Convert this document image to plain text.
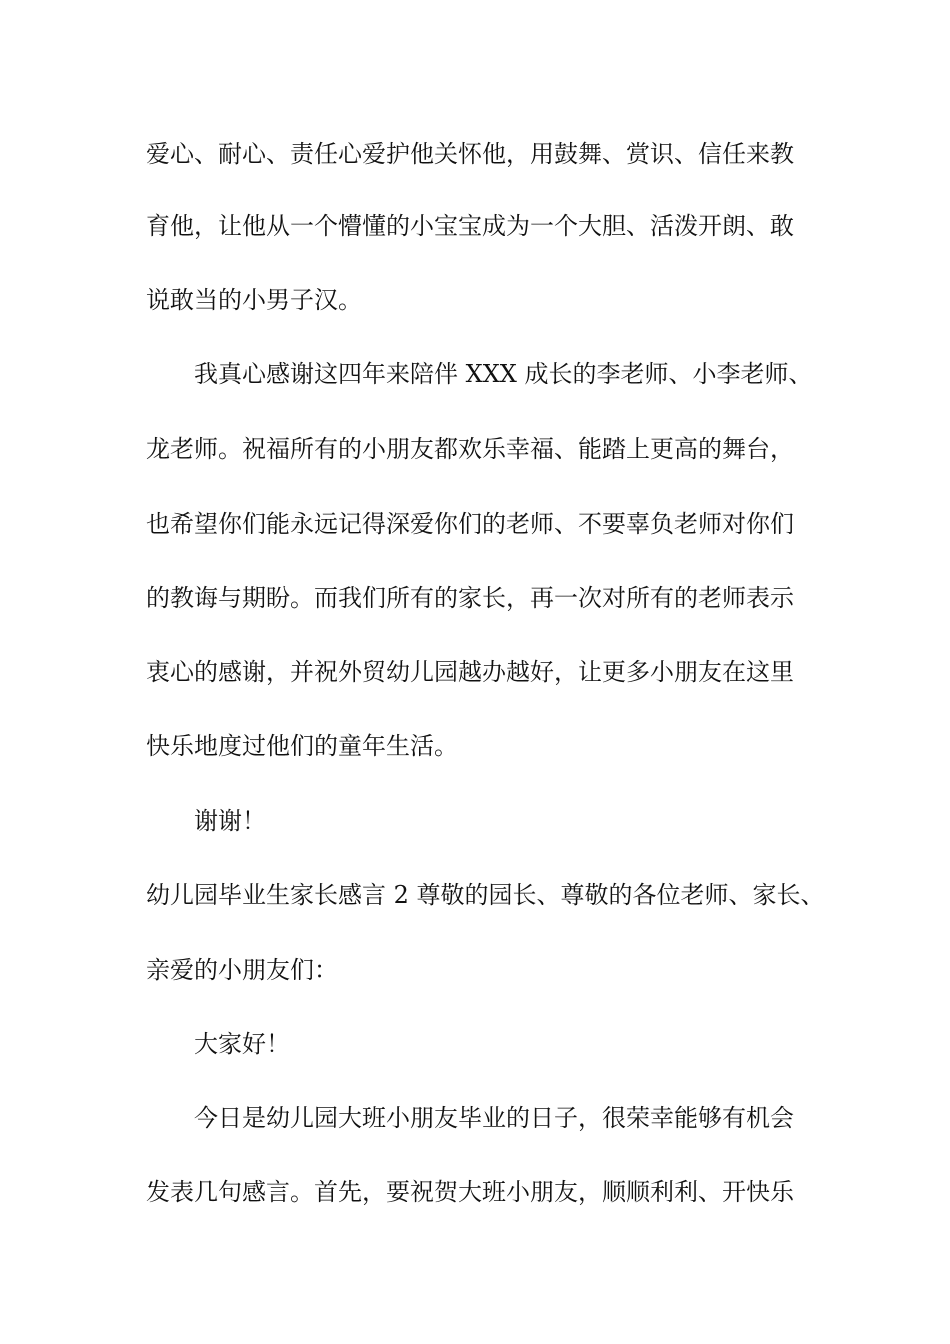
爱心、耐心、责任心爱护他关怀他，用鼓舞、赏识、信任来教
育他，让他从一个懵懂的小宝宝成为一个大胆、活泼开朗、敢
说敢当的小男子汉。
我真心感谢这四年来陪伴 XXX 成长的李老师、小李老师、
龙老师。祝福所有的小朋友都欢乐幸福、能踏上更高的舞台，
也希望你们能永远记得深爱你们的老师、不要辜负老师对你们
的教诲与期盼。而我们所有的家长，再一次对所有的老师表示
衷心的感谢，并祝外贸幼儿园越办越好，让更多小朋友在这里
快乐地度过他们的童年生活。
谢谢！
幼儿园毕业生家长感言 2 尊敬的园长、尊敬的各位老师、家长、
亲爱的小朋友们：
大家好！
今日是幼儿园大班小朋友毕业的日子，很荣幸能够有机会
发表几句感言。首先，要祝贺大班小朋友，顺顺利利、开快乐
